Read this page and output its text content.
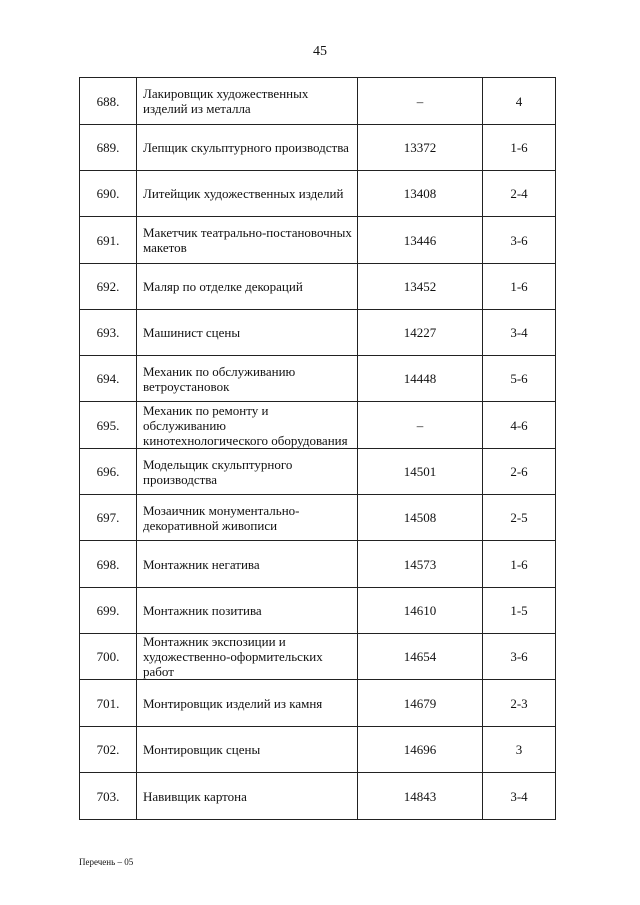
45
688.	Лакировщик художественных изделий из металла	–	4
689.	Лепщик скульптурного производства	13372	1-6
690.	Литейщик художественных изделий	13408	2-4
691.	Макетчик театрально-постановочных макетов	13446	3-6
692.	Маляр по отделке декораций	13452	1-6
693.	Машинист сцены	14227	3-4
694.	Механик по обслуживанию ветроустановок	14448	5-6
695.	Механик по ремонту и обслуживанию кинотехнологического оборудования	–	4-6
696.	Модельщик скульптурного производства	14501	2-6
697.	Мозаичник монументально-декоративной живописи	14508	2-5
698.	Монтажник негатива	14573	1-6
699.	Монтажник позитива	14610	1-5
700.	Монтажник экспозиции и художественно-оформительских работ	14654	3-6
701.	Монтировщик изделий из камня	14679	2-3
702.	Монтировщик сцены	14696	3
703.	Навивщик картона	14843	3-4
Перечень – 05
